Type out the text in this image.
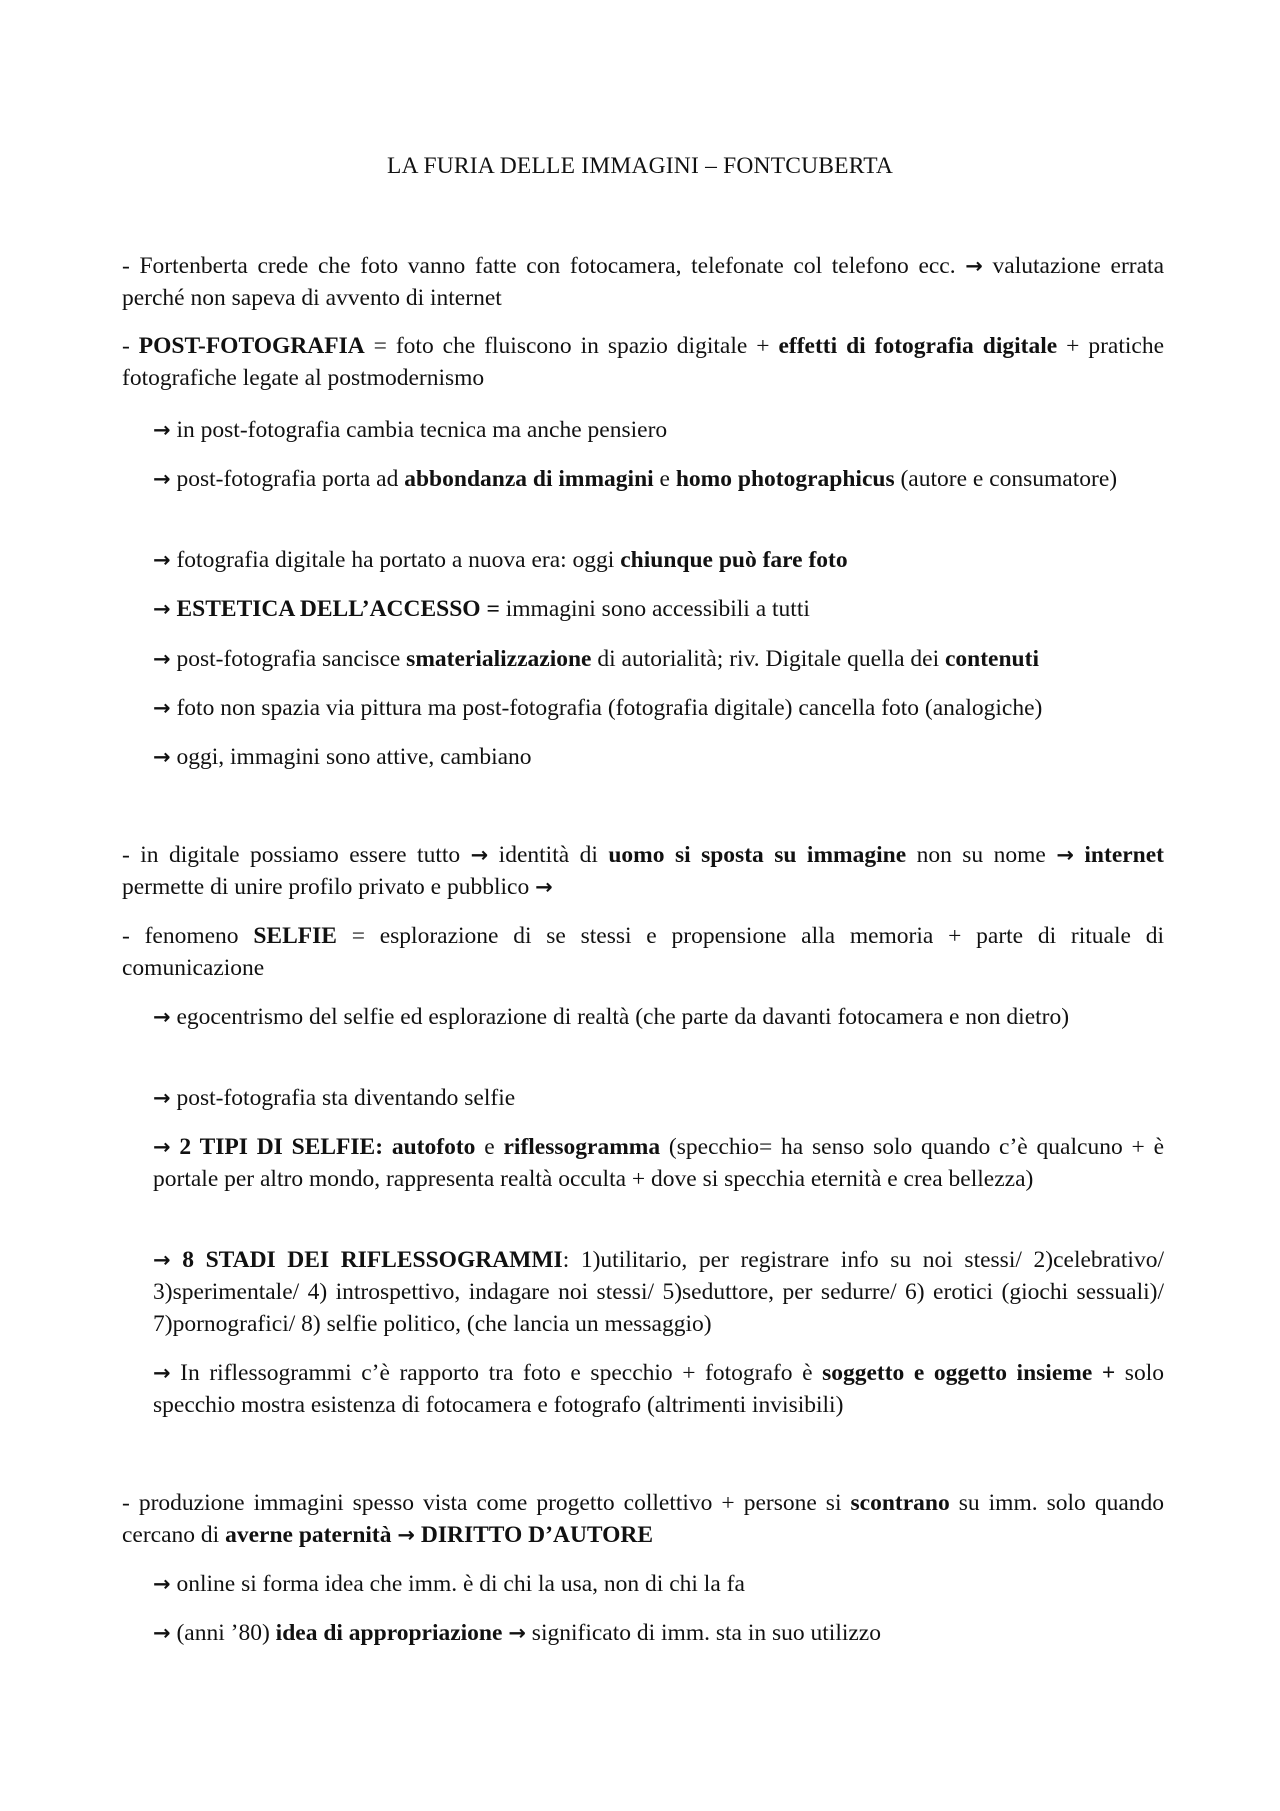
LA FURIA DELLE IMMAGINI – FONTCUBERTA

- Fortenberta crede che foto vanno fatte con fotocamera, telefonate col telefono ecc. → valutazione errata perché non sapeva di avvento di internet

- POST-FOTOGRAFIA = foto che fluiscono in spazio digitale + effetti di fotografia digitale + pratiche fotografiche legate al postmodernismo

→ in post-fotografia cambia tecnica ma anche pensiero

→ post-fotografia porta ad abbondanza di immagini e homo photographicus (autore e consumatore)

→ fotografia digitale ha portato a nuova era: oggi chiunque può fare foto

→ ESTETICA DELL’ACCESSO = immagini sono accessibili a tutti

→ post-fotografia sancisce smaterializzazione di autorialità; riv. Digitale quella dei contenuti

→ foto non spazia via pittura ma post-fotografia (fotografia digitale) cancella foto (analogiche)

→ oggi, immagini sono attive, cambiano

- in digitale possiamo essere tutto → identità di uomo si sposta su immagine non su nome → internet permette di unire profilo privato e pubblico →

- fenomeno SELFIE = esplorazione di se stessi e propensione alla memoria + parte di rituale di comunicazione

→ egocentrismo del selfie ed esplorazione di realtà (che parte da davanti fotocamera e non dietro)

→ post-fotografia sta diventando selfie

→ 2 TIPI DI SELFIE: autofoto e riflessogramma (specchio= ha senso solo quando c’è qualcuno + è portale per altro mondo, rappresenta realtà occulta + dove si specchia eternità e crea bellezza)

→ 8 STADI DEI RIFLESSOGRAMMI: 1)utilitario, per registrare info su noi stessi/ 2)celebrativo/ 3)sperimentale/ 4) introspettivo, indagare noi stessi/ 5)seduttore, per sedurre/ 6) erotici (giochi sessuali)/ 7)pornografici/ 8) selfie politico, (che lancia un messaggio)

→ In riflessogrammi c’è rapporto tra foto e specchio + fotografo è soggetto e oggetto insieme + solo specchio mostra esistenza di fotocamera e fotografo (altrimenti invisibili)

- produzione immagini spesso vista come progetto collettivo + persone si scontrano su imm. solo quando cercano di averne paternità → DIRITTO D’AUTORE

→ online si forma idea che imm. è di chi la usa, non di chi la fa

→ (anni ’80) idea di appropriazione → significato di imm. sta in suo utilizzo
